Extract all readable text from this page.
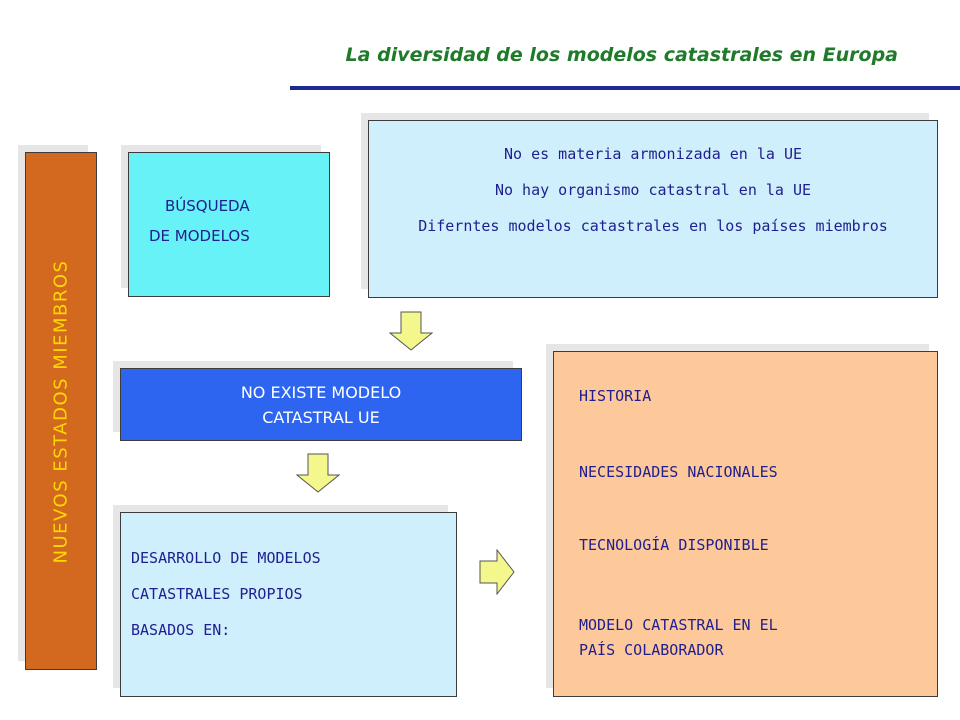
La diversidad de los modelos catastrales en Europa
NUEVOS ESTADOS MIEMBROS
BÚSQUEDA
DE MODELOS
No es materia armonizada en la UE
No hay organismo catastral en la UE
Diferntes modelos catastrales en los países miembros
NO EXISTE MODELO
CATASTRAL UE
DESARROLLO DE MODELOS
CATASTRALES PROPIOS
BASADOS EN:
HISTORIA
NECESIDADES NACIONALES
TECNOLOGÍA DISPONIBLE
MODELO CATASTRAL EN EL
PAÍS COLABORADOR
